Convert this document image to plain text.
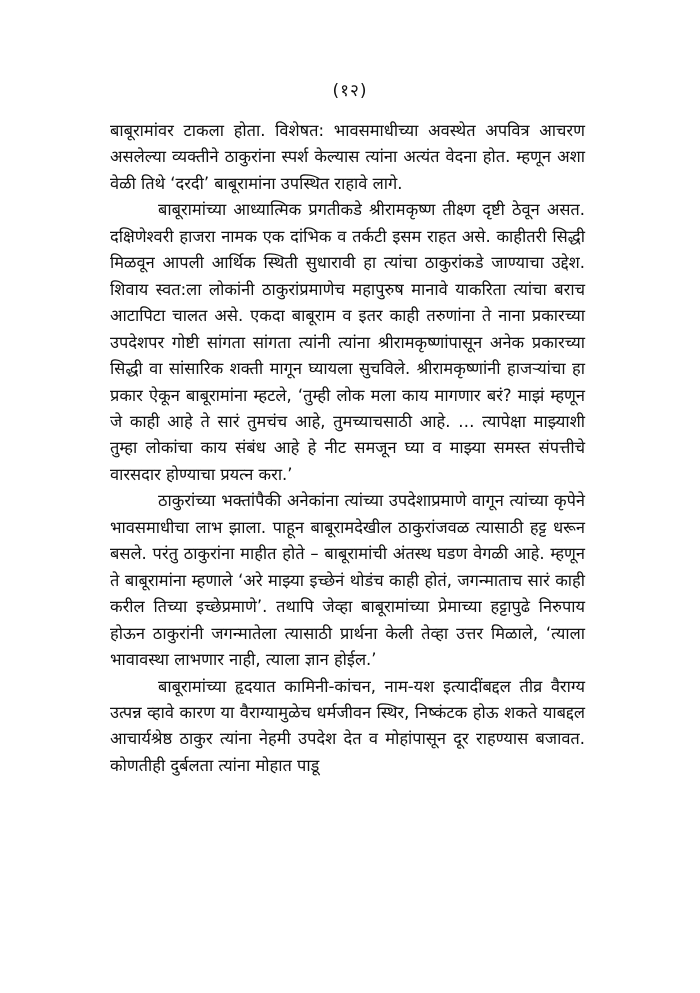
(१२)

बाबूरामांवर टाकला होता. विशेषत: भावसमाधीच्या अवस्थेत अपवित्र आचरण असलेल्या व्यक्तीने ठाकुरांना स्पर्श केल्यास त्यांना अत्यंत वेदना होत. म्हणून अशा वेळी तिथे ‘दरदी’ बाबूरामांना उपस्थित राहावे लागे.

बाबूरामांच्या आध्यात्मिक प्रगतीकडे श्रीरामकृष्ण तीक्ष्ण दृष्टी ठेवून असत. दक्षिणेश्वरी हाजरा नामक एक दांभिक व तर्कटी इसम राहत असे. काहीतरी सिद्धी मिळवून आपली आर्थिक स्थिती सुधारावी हा त्यांचा ठाकुरांकडे जाण्याचा उद्देश. शिवाय स्वत:ला लोकांनी ठाकुरांप्रमाणेच महापुरुष मानावे याकरिता त्यांचा बराच आटापिटा चालत असे. एकदा बाबूराम व इतर काही तरुणांना ते नाना प्रकारच्या उपदेशपर गोष्टी सांगता सांगता त्यांनी त्यांना श्रीरामकृष्णांपासून अनेक प्रकारच्या सिद्धी वा सांसारिक शक्ती मागून घ्यायला सुचविले. श्रीरामकृष्णांनी हाजऱ्यांचा हा प्रकार ऐकून बाबूरामांना म्हटले, ‘तुम्ही लोक मला काय मागणार बरं? माझं म्हणून जे काही आहे ते सारं तुमचंच आहे, तुमच्याचसाठी आहे. … त्यापेक्षा माझ्याशी तुम्हा लोकांचा काय संबंध आहे हे नीट समजून घ्या व माझ्या समस्त संपत्तीचे वारसदार होण्याचा प्रयत्न करा.’

ठाकुरांच्या भक्तांपैकी अनेकांना त्यांच्या उपदेशाप्रमाणे वागून त्यांच्या कृपेने भावसमाधीचा लाभ झाला. पाहून बाबूरामदेखील ठाकुरांजवळ त्यासाठी हट्ट धरून बसले. परंतु ठाकुरांना माहीत होते – बाबूरामांची अंतस्थ घडण वेगळी आहे. म्हणून ते बाबूरामांना म्हणाले ‘अरे माझ्या इच्छेनं थोडंच काही होतं, जगन्माताच सारं काही करील तिच्या इच्छेप्रमाणे’. तथापि जेव्हा बाबूरामांच्या प्रेमाच्या हट्टापुढे निरुपाय होऊन ठाकुरांनी जगन्मातेला त्यासाठी प्रार्थना केली तेव्हा उत्तर मिळाले, ‘त्याला भावावस्था लाभणार नाही, त्याला ज्ञान होईल.’

बाबूरामांच्या हृदयात कामिनी-कांचन, नाम-यश इत्यादींबद्दल तीव्र वैराग्य उत्पन्न व्हावे कारण या वैराग्यामुळेच धर्मजीवन स्थिर, निष्कंटक होऊ शकते याबद्दल आचार्यश्रेष्ठ ठाकुर त्यांना नेहमी उपदेश देत व मोहांपासून दूर राहण्यास बजावत. कोणतीही दुर्बलता त्यांना मोहात पाडू
